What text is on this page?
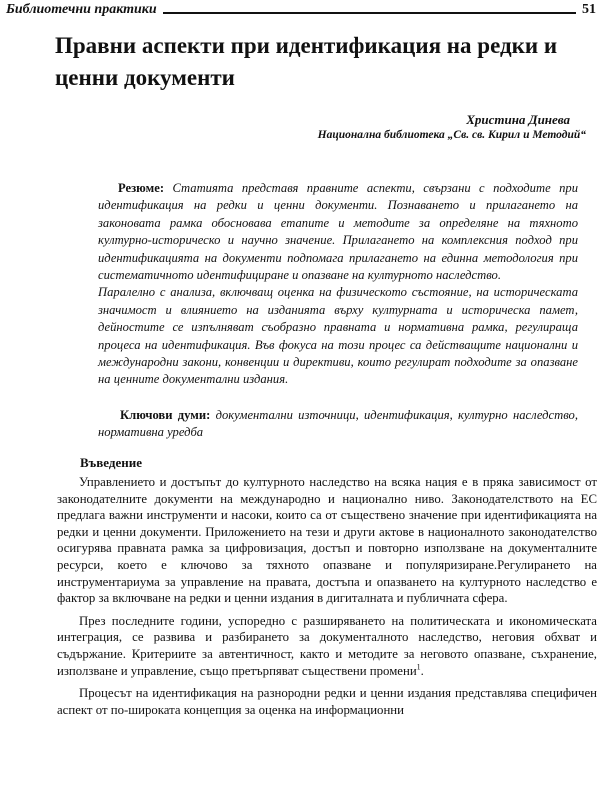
Библиотечни практики	51
Правни аспекти при идентификация на редки и ценни документи
Христина Динева
Национална библиотека „Св. св. Кирил и Методий“

Резюме: Статията представя правните аспекти, свързани с подходите при идентификация на редки и ценни документи. Познаването и прилагането на законовата рамка обосновава етапите и методите за определяне на тяхното културно-историческо и научно значение. Прилагането на комплексния подход при идентификацията на документи подпомага прилагането на единна методология при систематичното идентифициране и опазване на културното наследство.

Паралелно с анализа, включващ оценка на физическото състояние, на историческата значимост и влиянието на изданията върху културната и историческа памет, дейностите се изпълняват съобразно правната и нормативна рамка, регулираща процеса на идентификация. Във фокуса на този процес са действащите национални и международни закони, конвенции и директиви, които регулират подходите за опазване на ценните документални издания.

Ключови думи: документални източници, идентификация, културно наследство, нормативна уредба
Въведение

Управлението и достъпът до културното наследство на всяка нация е в пряка зависимост от законодателните документи на международно и национално ниво. Законодателството на ЕС предлага важни инструменти и насоки, които са от съществено значение при идентификацията на редки и ценни документи. Приложението на тези и други актове в националното законодателство осигурява правната рамка за цифровизация, достъп и повторно използване на документалните ресурси, което е ключово за тяхното опазване и популяризиране.Регулирането на инструментариума за управление на правата, достъпа и опазването на културното наследство е фактор за включване на редки и ценни издания в дигиталната и публичната сфера.

През последните години, успоредно с разширяването на политическата и икономическата интеграция, се развива и разбирането за документалното наследство, неговия обхват и съдържание. Критериите за автентичност, както и методите за неговото опазване, съхранение, използване и управление, също претърпяват съществени промени$^1$.

Процесът на идентификация на разнородни редки и ценни издания представлява специфичен аспект от по-широката концепция за оценка на информационни
